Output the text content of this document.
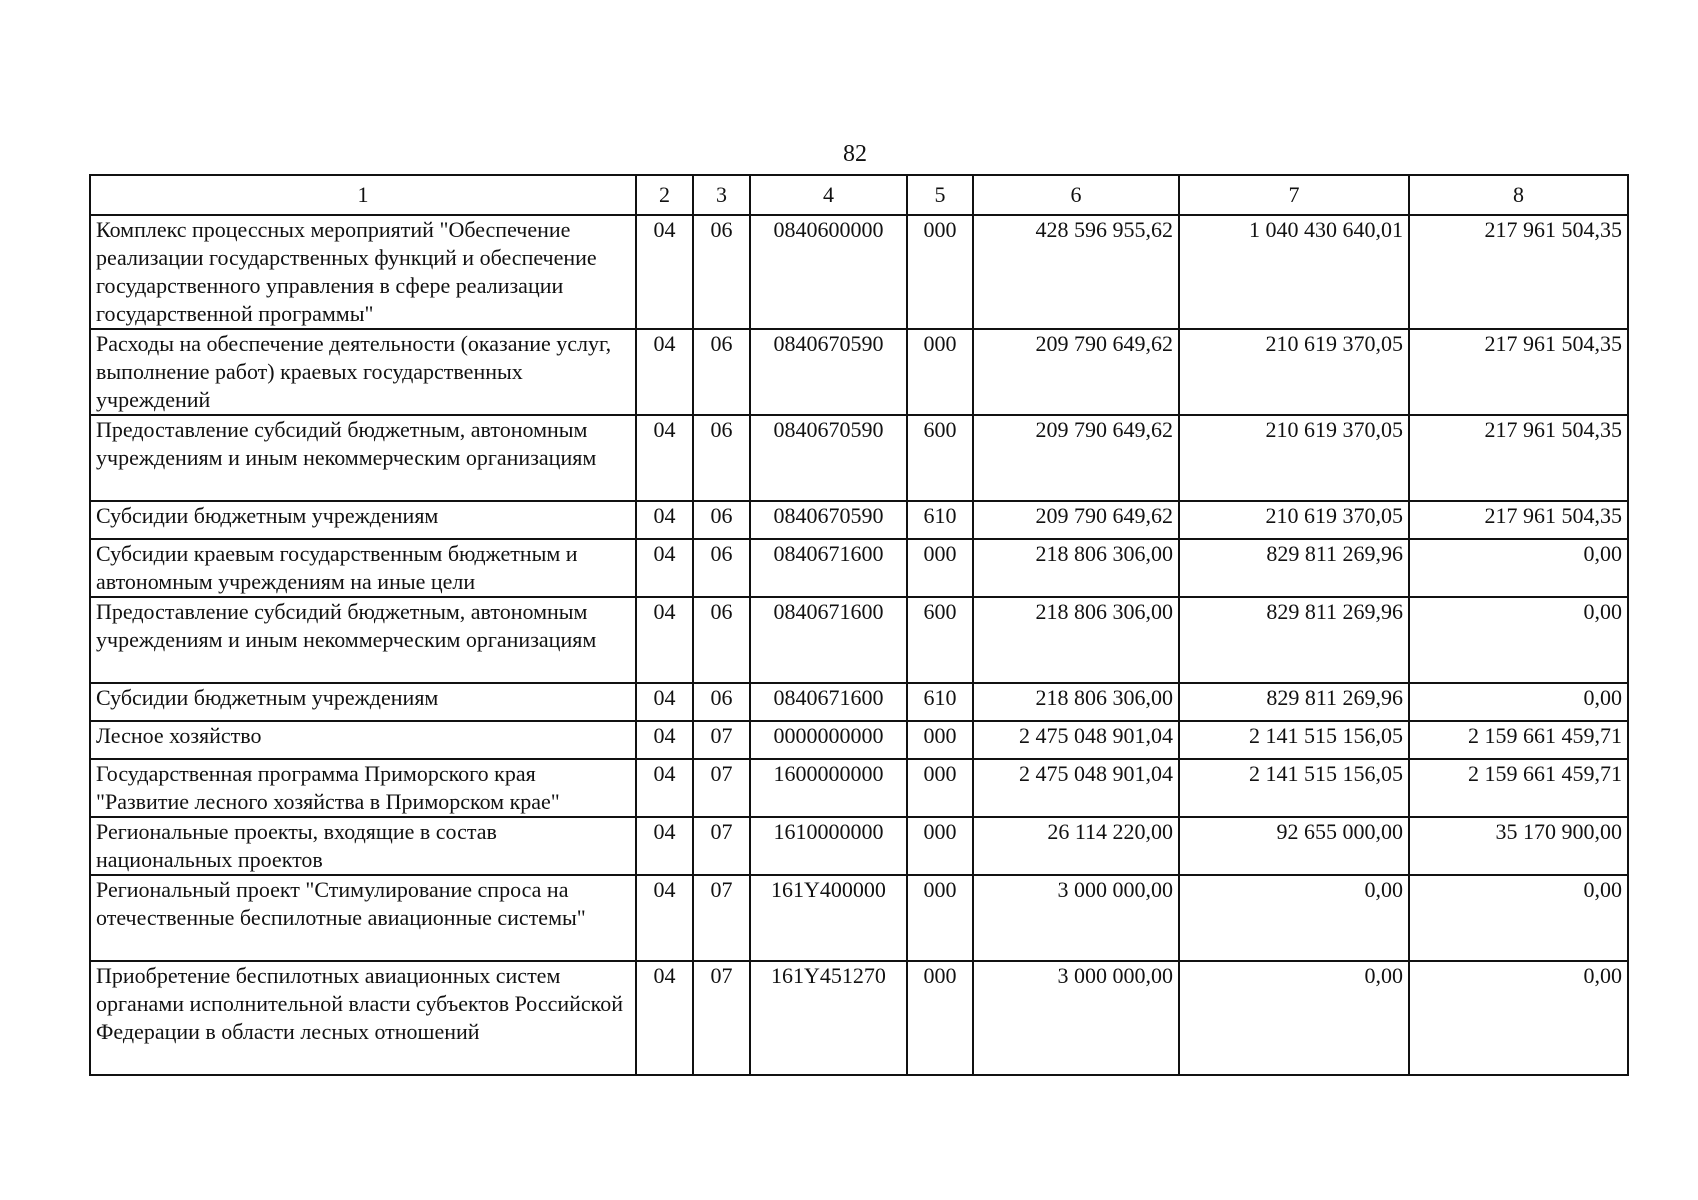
82
1	2	3	4	5	6	7	8
Комплекс процессных мероприятий "Обеспечение реализации государственных функций и обеспечение государственного управления в сфере реализации государственной программы"	04	06	0840600000	000	428 596 955,62	1 040 430 640,01	217 961 504,35
Расходы на обеспечение деятельности (оказание услуг, выполнение работ) краевых государственных учреждений	04	06	0840670590	000	209 790 649,62	210 619 370,05	217 961 504,35
Предоставление субсидий бюджетным, автономным учреждениям и иным некоммерческим организациям	04	06	0840670590	600	209 790 649,62	210 619 370,05	217 961 504,35
Субсидии бюджетным учреждениям	04	06	0840670590	610	209 790 649,62	210 619 370,05	217 961 504,35
Субсидии краевым государственным бюджетным и автономным учреждениям на иные цели	04	06	0840671600	000	218 806 306,00	829 811 269,96	0,00
Предоставление субсидий бюджетным, автономным учреждениям и иным некоммерческим организациям	04	06	0840671600	600	218 806 306,00	829 811 269,96	0,00
Субсидии бюджетным учреждениям	04	06	0840671600	610	218 806 306,00	829 811 269,96	0,00
Лесное хозяйство	04	07	0000000000	000	2 475 048 901,04	2 141 515 156,05	2 159 661 459,71
Государственная программа Приморского края "Развитие лесного хозяйства в Приморском крае"	04	07	1600000000	000	2 475 048 901,04	2 141 515 156,05	2 159 661 459,71
Региональные проекты, входящие в состав национальных проектов	04	07	1610000000	000	26 114 220,00	92 655 000,00	35 170 900,00
Региональный проект "Стимулирование спроса на отечественные беспилотные авиационные системы"	04	07	161Y400000	000	3 000 000,00	0,00	0,00
Приобретение беспилотных авиационных систем органами исполнительной власти субъектов Российской Федерации в области лесных отношений	04	07	161Y451270	000	3 000 000,00	0,00	0,00
